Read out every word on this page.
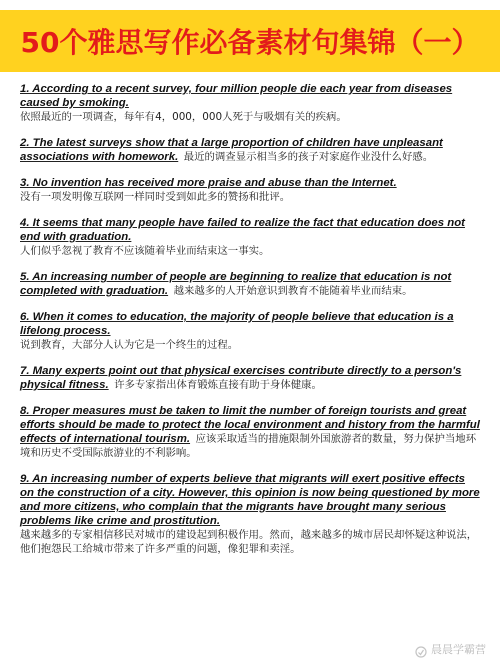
50个雅思写作必备素材句集锦（一）
1. According to a recent survey, four million people die each year from diseases caused by smoking.
依照最近的一项调查，每年有4，000，000人死于与吸烟有关的疾病。
2. The latest surveys show that a large proportion of children have unpleasant associations with homework. 最近的调查显示相当多的孩子对家庭作业没什么好感。
3. No invention has received more praise and abuse than the Internet.
没有一项发明像互联网一样同时受到如此多的赞扬和批评。
4. It seems that many people have failed to realize the fact that education does not end with graduation.
人们似乎忽视了教育不应该随着毕业而结束这一事实。
5. An increasing number of people are beginning to realize that education is not completed with graduation. 越来越多的人开始意识到教育不能随着毕业而结束。
6. When it comes to education, the majority of people believe that education is a lifelong process.
说到教育，大部分人认为它是一个终生的过程。
7. Many experts point out that physical exercises contribute directly to a person's physical fitness. 许多专家指出体育锻炼直接有助于身体健康。
8. Proper measures must be taken to limit the number of foreign tourists and great efforts should be made to protect the local environment and history from the harmful effects of international tourism. 应该采取适当的措施限制外国旅游者的数量，努力保护当地环境和历史不受国际旅游业的不利影响。
9. An increasing number of experts believe that migrants will exert positive effects on the construction of a city. However, this opinion is now being questioned by more and more citizens, who complain that the migrants have brought many serious problems like crime and prostitution.
越来越多的专家相信移民对城市的建设起到积极作用。然而，越来越多的城市居民却怀疑这种说法，他们抱怨民工给城市带来了许多严重的问题，像犯罪和卖淫。
晨晨学霸营
